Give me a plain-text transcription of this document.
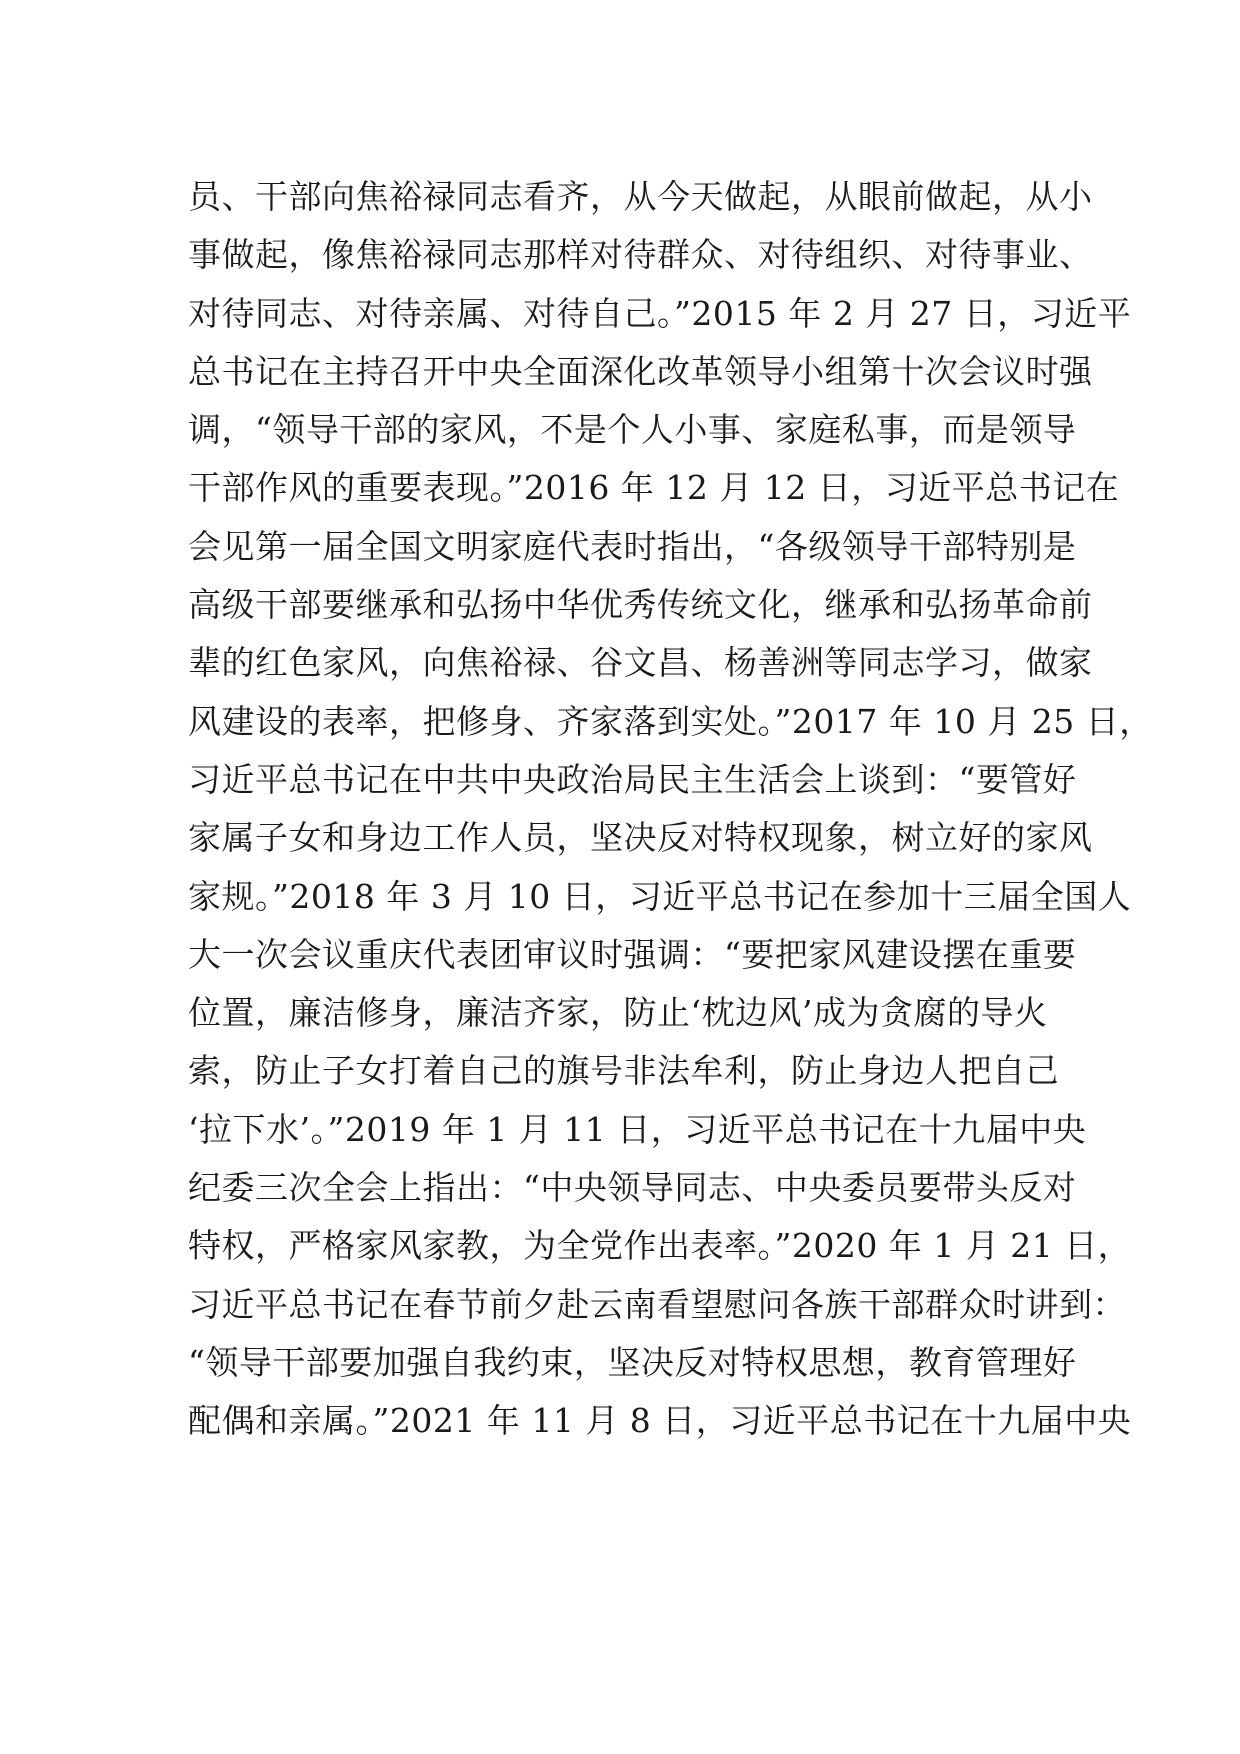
员、干部向焦裕禄同志看齐，从今天做起，从眼前做起，从小
事做起，像焦裕禄同志那样对待群众、对待组织、对待事业、
对待同志、对待亲属、对待自己。”2015 年 2 月 27 日，习近平
总书记在主持召开中央全面深化改革领导小组第十次会议时强
调，“领导干部的家风，不是个人小事、家庭私事，而是领导
干部作风的重要表现。”2016 年 12 月 12 日，习近平总书记在
会见第一届全国文明家庭代表时指出，“各级领导干部特别是
高级干部要继承和弘扬中华优秀传统文化，继承和弘扬革命前
辈的红色家风，向焦裕禄、谷文昌、杨善洲等同志学习，做家
风建设的表率，把修身、齐家落到实处。”2017 年 10 月 25 日，
习近平总书记在中共中央政治局民主生活会上谈到：“要管好
家属子女和身边工作人员，坚决反对特权现象，树立好的家风
家规。”2018 年 3 月 10 日，习近平总书记在参加十三届全国人
大一次会议重庆代表团审议时强调：“要把家风建设摆在重要
位置，廉洁修身，廉洁齐家，防止‘枕边风’成为贪腐的导火
索，防止子女打着自己的旗号非法牟利，防止身边人把自己
‘拉下水’。”2019 年 1 月 11 日，习近平总书记在十九届中央
纪委三次全会上指出：“中央领导同志、中央委员要带头反对
特权，严格家风家教，为全党作出表率。”2020 年 1 月 21 日，
习近平总书记在春节前夕赴云南看望慰问各族干部群众时讲到：
“领导干部要加强自我约束，坚决反对特权思想，教育管理好
配偶和亲属。”2021 年 11 月 8 日，习近平总书记在十九届中央
